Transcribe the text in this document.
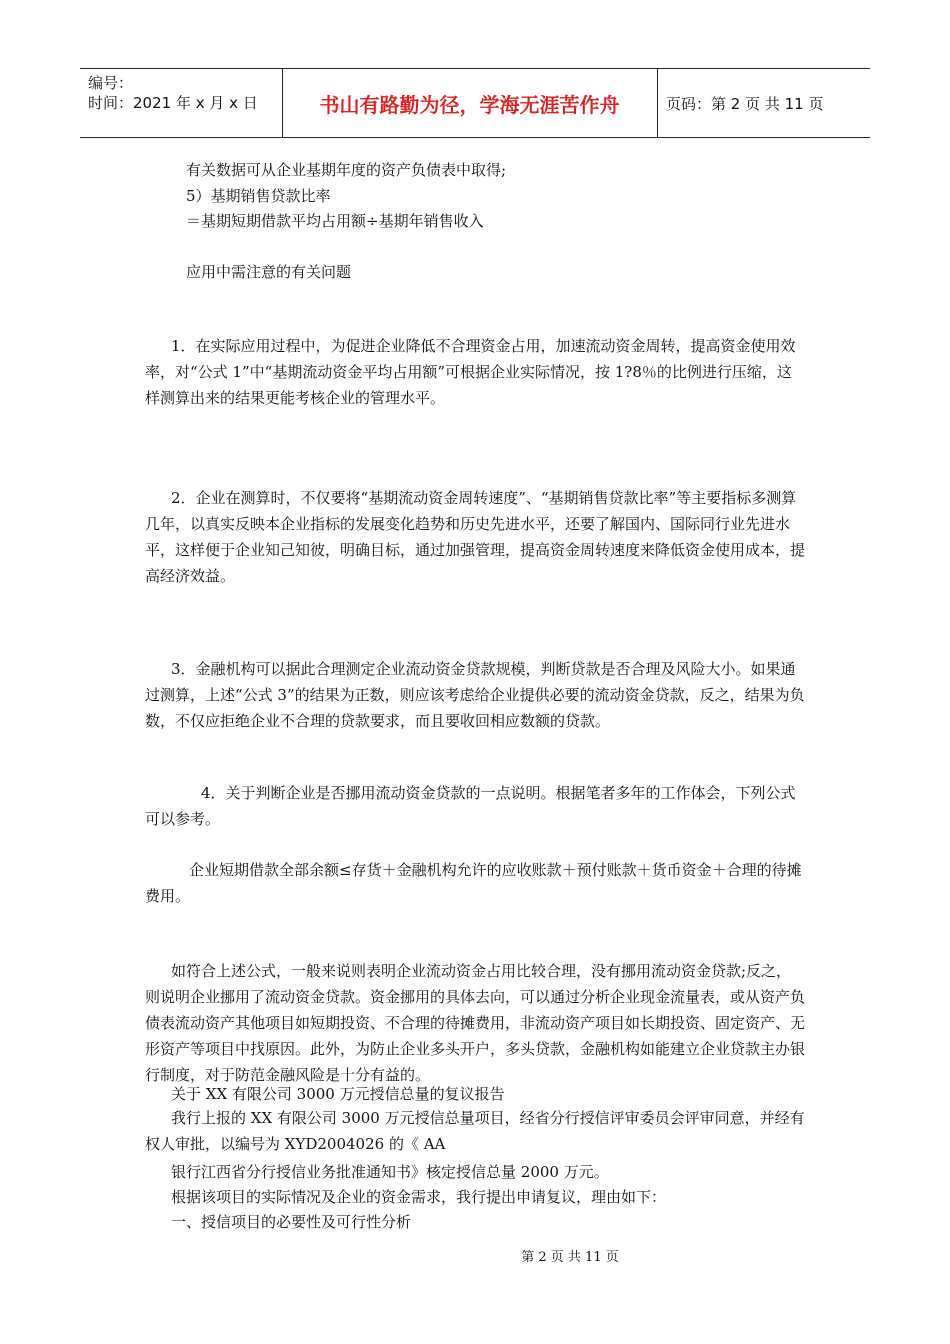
编号：
时间：2021 年 x 月 x 日	书山有路勤为径，学海无涯苦作舟	页码：第 2 页 共 11 页
有关数据可从企业基期年度的资产负债表中取得;
5）基期销售贷款比率
＝基期短期借款平均占用额÷基期年销售收入
应用中需注意的有关问题
1．在实际应用过程中，为促进企业降低不合理资金占用，加速流动资金周转，提高资金使用效率，对“公式 1”中“基期流动资金平均占用额”可根据企业实际情况，按 1?8％的比例进行压缩，这样测算出来的结果更能考核企业的管理水平。
2．企业在测算时，不仅要将“基期流动资金周转速度”、“基期销售贷款比率”等主要指标多测算几年，以真实反映本企业指标的发展变化趋势和历史先进水平，还要了解国内、国际同行业先进水平，这样便于企业知己知彼，明确目标，通过加强管理，提高资金周转速度来降低资金使用成本，提高经济效益。
3．金融机构可以据此合理测定企业流动资金贷款规模，判断贷款是否合理及风险大小。如果通过测算，上述“公式 3”的结果为正数，则应该考虑给企业提供必要的流动资金贷款，反之，结果为负数，不仅应拒绝企业不合理的贷款要求，而且要收回相应数额的贷款。
4．关于判断企业是否挪用流动资金贷款的一点说明。根据笔者多年的工作体会，下列公式可以参考。
企业短期借款全部余额≤存货＋金融机构允许的应收账款＋预付账款＋货币资金＋合理的待摊费用。
如符合上述公式，一般来说则表明企业流动资金占用比较合理，没有挪用流动资金贷款;反之，则说明企业挪用了流动资金贷款。资金挪用的具体去向，可以通过分析企业现金流量表，或从资产负债表流动资产其他项目如短期投资、不合理的待摊费用，非流动资产项目如长期投资、固定资产、无形资产等项目中找原因。此外，为防止企业多头开户，多头贷款，金融机构如能建立企业贷款主办银行制度，对于防范金融风险是十分有益的。
关于 XX 有限公司 3000 万元授信总量的复议报告
我行上报的 XX 有限公司 3000 万元授信总量项目，经省分行授信评审委员会评审同意，并经有权人审批，以编号为 XYD2004026 的《 AA
银行江西省分行授信业务批准通知书》核定授信总量 2000 万元。
根据该项目的实际情况及企业的资金需求，我行提出申请复议，理由如下：
一、授信项目的必要性及可行性分析
第 2 页 共 11 页
